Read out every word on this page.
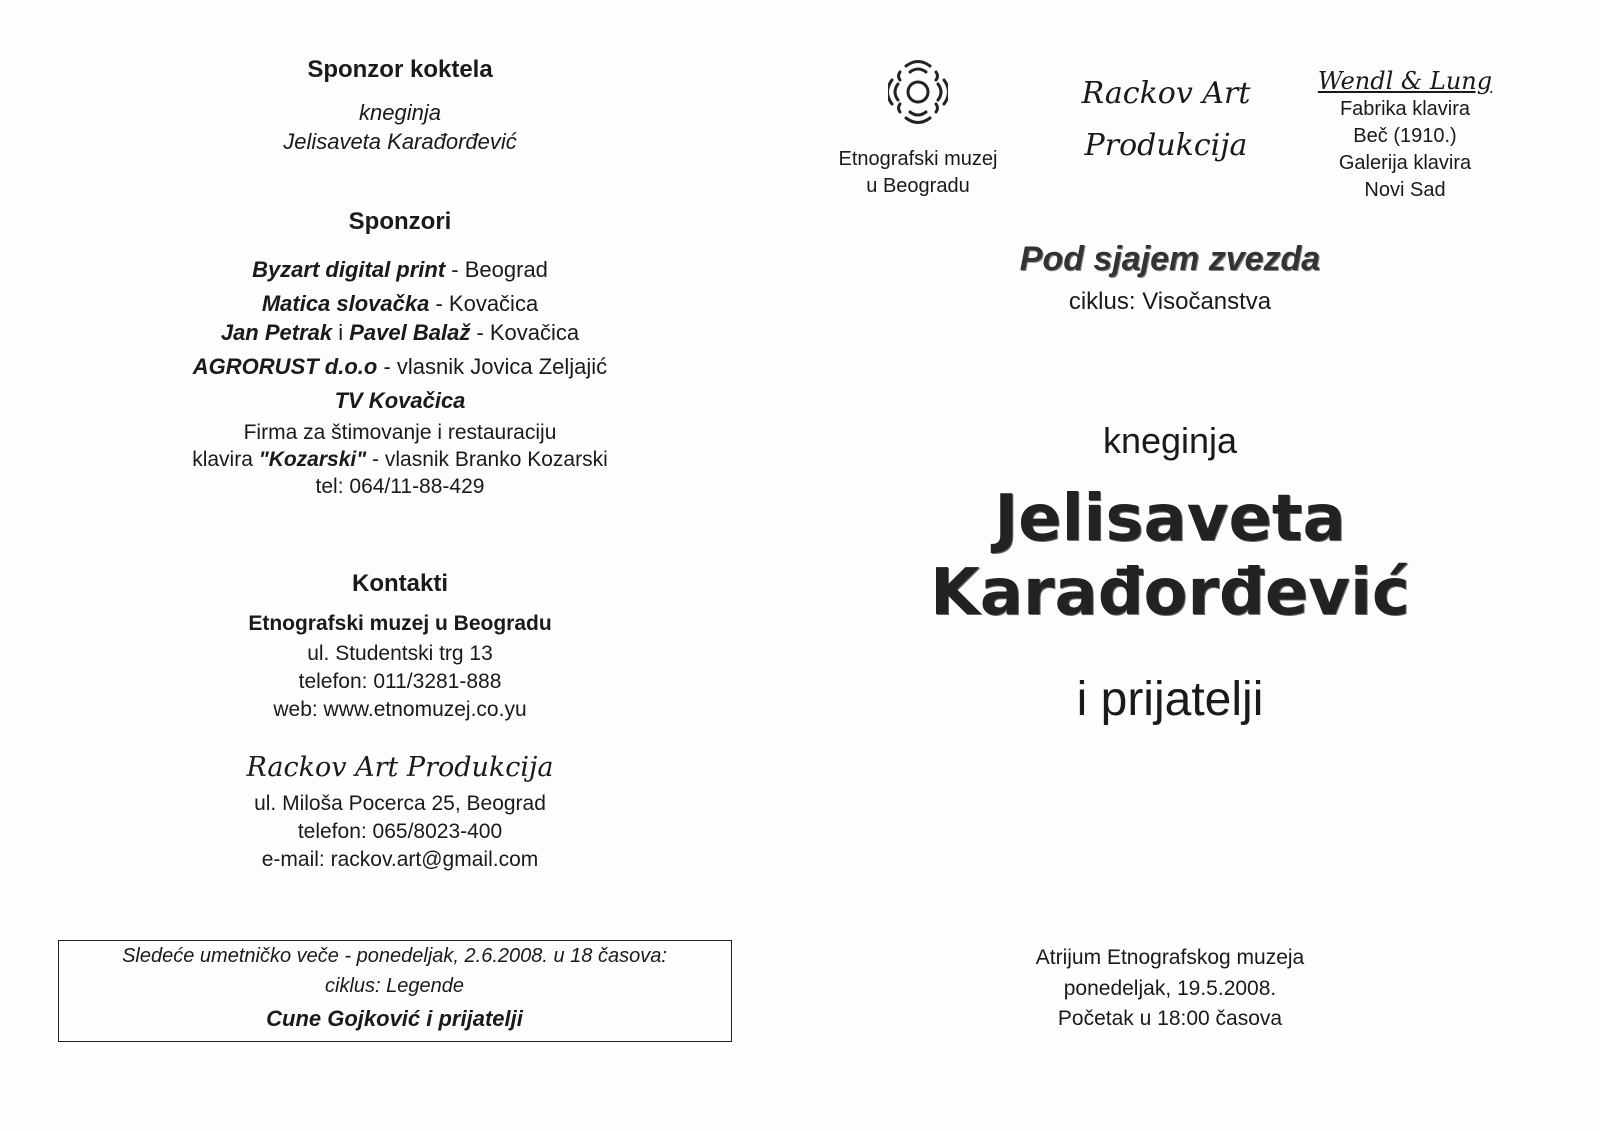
Sponzor koktela
kneginja
Jelisaveta Karađorđević
Sponzori
Byzart digital print - Beograd
Matica slovačka - Kovačica
Jan Petrak i Pavel Balaž - Kovačica
AGRORUST d.o.o - vlasnik Jovica Zeljajić
TV Kovačica
Firma za štimovanje i restauraciju
klavira "Kozarski" - vlasnik Branko Kozarski
tel: 064/11-88-429
Kontakti
Etnografski muzej u Beogradu
ul. Studentski trg 13
telefon: 011/3281-888
web: www.etnomuzej.co.yu
Rackov Art Produkcija
ul. Miloša Pocerca 25, Beograd
telefon: 065/8023-400
e-mail: rackov.art@gmail.com
Sledeće umetničko veče - ponedeljak, 2.6.2008. u 18 časova:
ciklus: Legende
Cune Gojković i prijatelji
Etnografski muzej
u Beogradu
Rackov Art
Produkcija
Wendl & Lung
Fabrika klavira
Beč (1910.)
Galerija klavira
Novi Sad
Pod sjajem zvezda
ciklus: Visočanstva
kneginja
Jelisaveta
Karađorđević
i prijatelji
Atrijum Etnografskog muzeja
ponedeljak, 19.5.2008.
Početak u 18:00 časova
